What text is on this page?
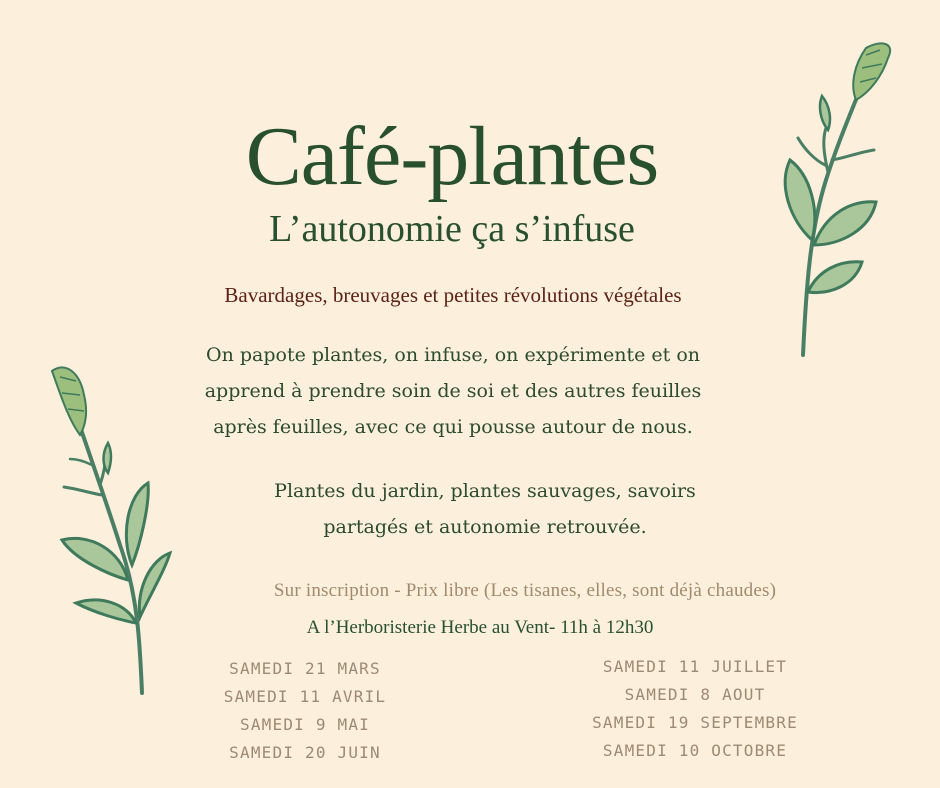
Café-plantes
L’autonomie ça s’infuse
Bavardages, breuvages et petites révolutions végétales
On papote plantes, on infuse, on expérimente et on
apprend à prendre soin de soi et des autres feuilles
après feuilles, avec ce qui pousse autour de nous.
Plantes du jardin, plantes sauvages, savoirs
partagés et autonomie retrouvée.
Sur inscription - Prix libre (Les tisanes, elles, sont déjà chaudes)
A l’Herboristerie Herbe au Vent- 11h à 12h30
SAMEDI 21 MARS
SAMEDI 11 AVRIL
SAMEDI 9 MAI
SAMEDI 20 JUIN
SAMEDI 11 JUILLET
SAMEDI 8 AOUT
SAMEDI 19 SEPTEMBRE
SAMEDI 10 OCTOBRE
